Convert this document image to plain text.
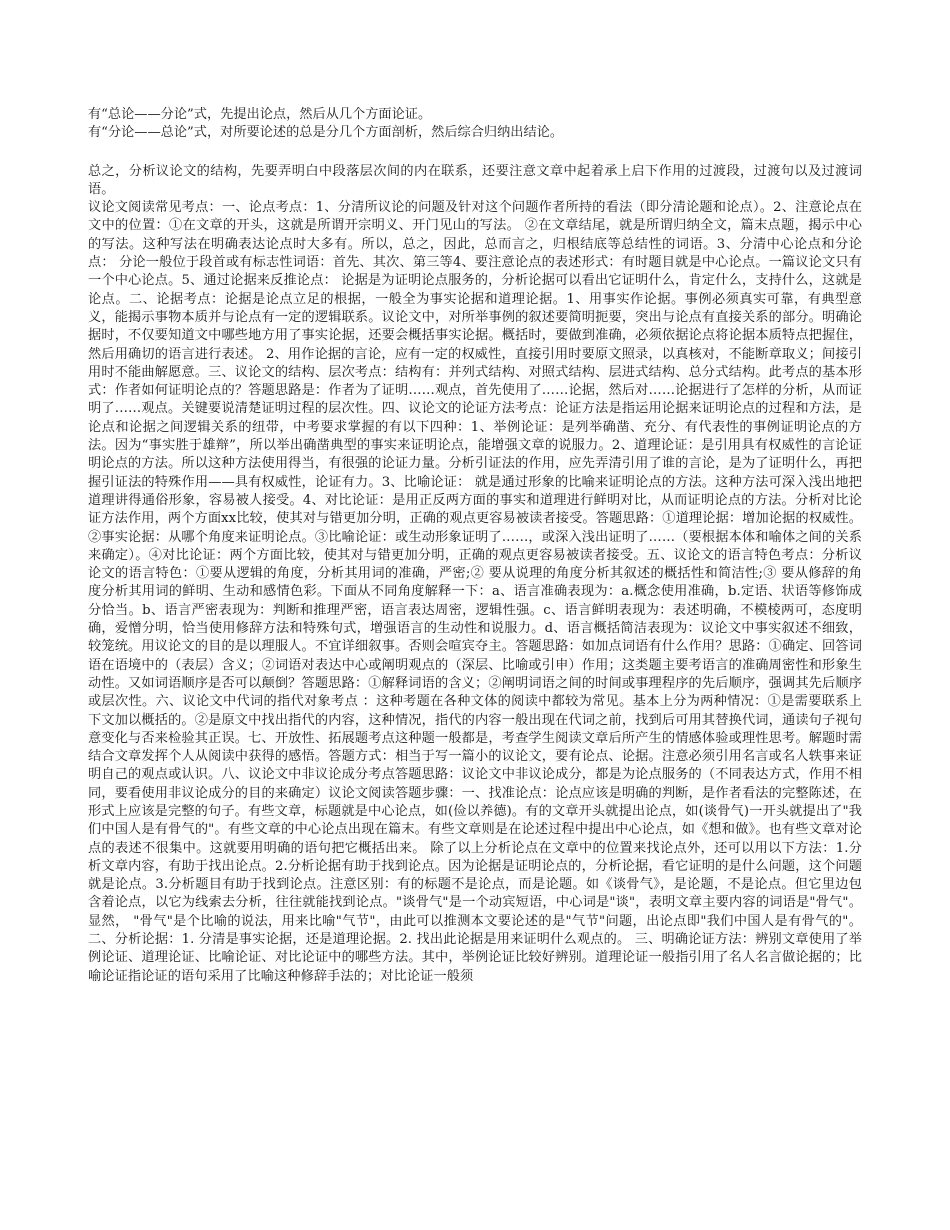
有“总论——分论”式，先提出论点，然后从几个方面论证。

有“分论——总论”式，对所要论述的总是分几个方面剖析，然后综合归纳出结论。

总之，分析议论文的结构，先要弄明白中段落层次间的内在联系，还要注意文章中起着承上启下作用的过渡段，过渡句以及过渡词语。

议论文阅读常见考点：一、论点考点：1、分清所议论的问题及针对这个问题作者所持的看法（即分清论题和论点）。2、注意论点在文中的位置：①在文章的开头，这就是所谓开宗明义、开门见山的写法。 ②在文章结尾，就是所谓归纳全文，篇末点题，揭示中心的写法。这种写法在明确表达论点时大多有。所以，总之，因此，总而言之，归根结底等总结性的词语。3、分清中心论点和分论点： 分论一般位于段首或有标志性词语：首先、其次、第三等4、要注意论点的表述形式：有时题目就是中心论点。一篇议论文只有一个中心论点。5、通过论据来反推论点： 论据是为证明论点服务的，分析论据可以看出它证明什么，肯定什么，支持什么，这就是论点。二、论据考点：论据是论点立足的根据，一般全为事实论据和道理论据。1、用事实作论据。事例必须真实可靠，有典型意义，能揭示事物本质并与论点有一定的逻辑联系。议论文中，对所举事例的叙述要简明扼要，突出与论点有直接关系的部分。明确论据时，不仅要知道文中哪些地方用了事实论据，还要会概括事实论据。概括时，要做到准确，必须依据论点将论据本质特点把握住，然后用确切的语言进行表述。 2、用作论据的言论，应有一定的权威性，直接引用时要原文照录，以真核对，不能断章取义；间接引用时不能曲解愿意。三、议论文的结构、层次考点：结构有：并列式结构、对照式结构、层进式结构、总分式结构。此考点的基本形式：作者如何证明论点的？答题思路是：作者为了证明……观点，首先使用了……论据，然后对……论据进行了怎样的分析，从而证明了……观点。关键要说清楚证明过程的层次性。四、议论文的论证方法考点：论证方法是指运用论据来证明论点的过程和方法，是论点和论据之间逻辑关系的纽带，中考要求掌握的有以下四种：1、举例论证：是列举确凿、充分、有代表性的事例证明论点的方法。因为“事实胜于雄辩”，所以举出确凿典型的事实来证明论点，能增强文章的说服力。2、道理论证：是引用具有权威性的言论证明论点的方法。所以这种方法使用得当，有很强的论证力量。分析引证法的作用，应先弄清引用了谁的言论，是为了证明什么，再把握引证法的特殊作用——具有权威性，论证有力。3、比喻论证： 就是通过形象的比喻来证明论点的方法。这种方法可深入浅出地把道理讲得通俗形象，容易被人接受。4、对比论证：是用正反两方面的事实和道理进行鲜明对比，从而证明论点的方法。分析对比论证方法作用，两个方面xx比较，使其对与错更加分明，正确的观点更容易被读者接受。答题思路：①道理论据：增加论据的权威性。②事实论据：从哪个角度来证明论点。③比喻论证：或生动形象证明了……，或深入浅出证明了……（要根据本体和喻体之间的关系来确定）。④对比论证：两个方面比较，使其对与错更加分明，正确的观点更容易被读者接受。五、议论文的语言特色考点：分析议论文的语言特色：①要从逻辑的角度，分析其用词的准确，严密;② 要从说理的角度分析其叙述的概括性和简洁性;③ 要从修辞的角度分析其用词的鲜明、生动和感情色彩。下面从不同角度解释一下：a、语言准确表现为：a.概念使用准确，b.定语、状语等修饰成分恰当。b、语言严密表现为：判断和推理严密，语言表达周密，逻辑性强。c、语言鲜明表现为：表述明确，不模棱两可，态度明确，爱憎分明，恰当使用修辞方法和特殊句式，增强语言的生动性和说服力。d、语言概括简洁表现为：议论文中事实叙述不细致，较笼统。用议论文的目的是以理服人。不宜详细叙事。否则会喧宾夺主。答题思路：如加点词语有什么作用？思路：①确定、回答词语在语境中的（表层）含义；②词语对表达中心或阐明观点的（深层、比喻或引申）作用；这类题主要考语言的准确周密性和形象生动性。又如词语顺序是否可以颠倒？答题思路：①解释词语的含义；②阐明词语之间的时间或事理程序的先后顺序，强调其先后顺序或层次性。六、议论文中代词的指代对象考点 ：这种考题在各种文体的阅读中都较为常见。基本上分为两种情况：①是需要联系上下文加以概括的。②是原文中找出指代的内容，这种情况，指代的内容一般出现在代词之前，找到后可用其替换代词，通读句子视句意变化与否来检验其正误。七、开放性、拓展题考点这种题一般都是，考查学生阅读文章后所产生的情感体验或理性思考。解题时需结合文章发挥个人从阅读中获得的感悟。答题方式：相当于写一篇小的议论文，要有论点、论据。注意必须引用名言或名人轶事来证明自己的观点或认识。八、议论文中非议论成分考点答题思路：议论文中非议论成分，都是为论点服务的（不同表达方式，作用不相同，要看使用非议论成分的目的来确定）议论文阅读答题步骤：一、找准论点：论点应该是明确的判断，是作者看法的完整陈述，在形式上应该是完整的句子。有些文章，标题就是中心论点，如(俭以养德)。有的文章开头就提出论点，如(谈骨气)一开头就提出了"我们中国人是有骨气的"。有些文章的中心论点出现在篇末。有些文章则是在论述过程中提出中心论点，如《想和做》。也有些文章对论点的表述不很集中。这就要用明确的语句把它概括出来。 除了以上分析论点在文章中的位置来找论点外，还可以用以下方法：1.分析文章内容，有助于找出论点。2.分析论据有助于找到论点。因为论据是证明论点的，分析论据，看它证明的是什么问题，这个问题就是论点。3.分析题目有助于找到论点。注意区别：有的标题不是论点，而是论题。如《谈骨气》，是论题，不是论点。但它里边包含着论点，以它为线索去分析，往往就能找到论点。"谈骨气"是一个动宾短语，中心词是"谈"，表明文章主要内容的词语是"骨气"。显然， "骨气"是个比喻的说法，用来比喻"气节"，由此可以推测本文要论述的是"气节"问题，出论点即"我们中国人是有骨气的"。 二、分析论据：1. 分清是事实论据，还是道理论据。2. 找出此论据是用来证明什么观点的。 三、明确论证方法：辨别文章使用了举例论证、道理论证、比喻论证、对比论证中的哪些方法。其中，举例论证比较好辨别。道理论证一般指引用了名人名言做论据的；比喻论证指论证的语句采用了比喻这种修辞手法的；对比论证一般须
